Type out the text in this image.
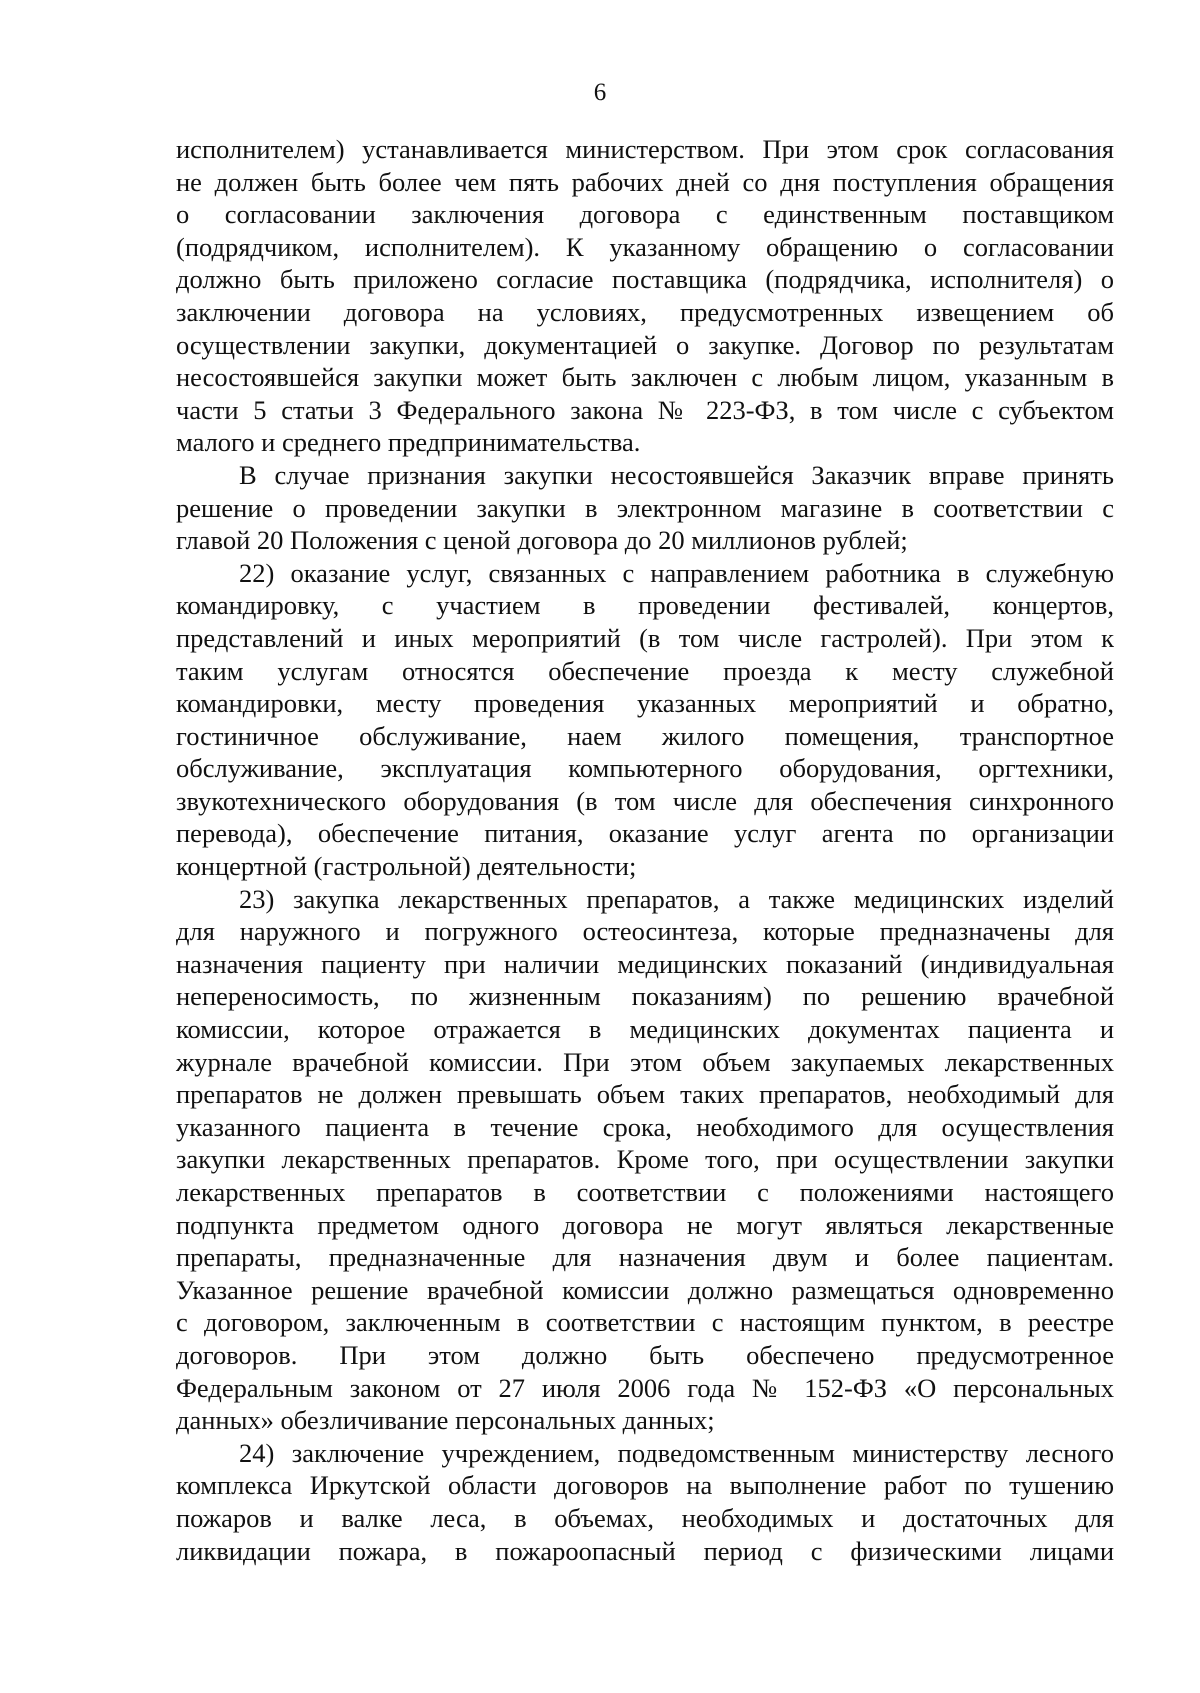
6
исполнителем) устанавливается министерством. При этом срок согласования
не должен быть более чем пять рабочих дней со дня поступления обращения
о согласовании заключения договора с единственным поставщиком
(подрядчиком, исполнителем). К указанному обращению о согласовании
должно быть приложено согласие поставщика (подрядчика, исполнителя) о
заключении договора на условиях, предусмотренных извещением об
осуществлении закупки, документацией о закупке. Договор по результатам
несостоявшейся закупки может быть заключен с любым лицом, указанным в
части 5 статьи 3 Федерального закона № 223-ФЗ, в том числе с субъектом
малого и среднего предпринимательства.
В случае признания закупки несостоявшейся Заказчик вправе принять
решение о проведении закупки в электронном магазине в соответствии с
главой 20 Положения с ценой договора до 20 миллионов рублей;
22) оказание услуг, связанных с направлением работника в служебную
командировку, с участием в проведении фестивалей, концертов,
представлений и иных мероприятий (в том числе гастролей). При этом к
таким услугам относятся обеспечение проезда к месту служебной
командировки, месту проведения указанных мероприятий и обратно,
гостиничное обслуживание, наем жилого помещения, транспортное
обслуживание, эксплуатация компьютерного оборудования, оргтехники,
звукотехнического оборудования (в том числе для обеспечения синхронного
перевода), обеспечение питания, оказание услуг агента по организации
концертной (гастрольной) деятельности;
23) закупка лекарственных препаратов, а также медицинских изделий
для наружного и погружного остеосинтеза, которые предназначены для
назначения пациенту при наличии медицинских показаний (индивидуальная
непереносимость, по жизненным показаниям) по решению врачебной
комиссии, которое отражается в медицинских документах пациента и
журнале врачебной комиссии. При этом объем закупаемых лекарственных
препаратов не должен превышать объем таких препаратов, необходимый для
указанного пациента в течение срока, необходимого для осуществления
закупки лекарственных препаратов. Кроме того, при осуществлении закупки
лекарственных препаратов в соответствии с положениями настоящего
подпункта предметом одного договора не могут являться лекарственные
препараты, предназначенные для назначения двум и более пациентам.
Указанное решение врачебной комиссии должно размещаться одновременно
с договором, заключенным в соответствии с настоящим пунктом, в реестре
договоров. При этом должно быть обеспечено предусмотренное
Федеральным законом от 27 июля 2006 года № 152-ФЗ «О персональных
данных» обезличивание персональных данных;
24) заключение учреждением, подведомственным министерству лесного
комплекса Иркутской области договоров на выполнение работ по тушению
пожаров и валке леса, в объемах, необходимых и достаточных для
ликвидации пожара, в пожароопасный период с физическими лицами
